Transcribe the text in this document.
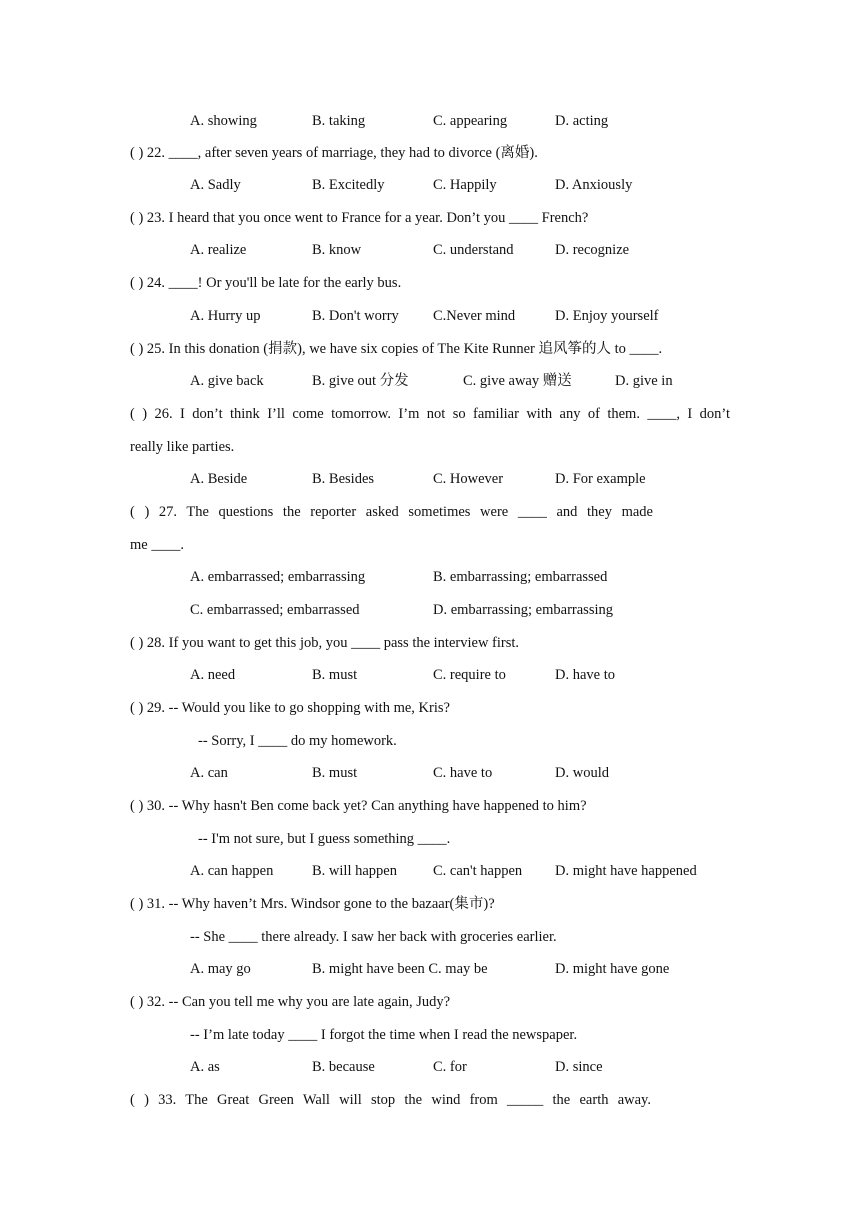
A. showing	B. taking	C. appearing	D. acting
( ) 22. ____, after seven years of marriage, they had to divorce (离婚).
A. Sadly	B. Excitedly	C. Happily	D. Anxiously
( ) 23. I heard that you once went to France for a year. Don’t you ____ French?
A. realize	B. know	C. understand	D. recognize
( ) 24. ____! Or you'll be late for the early bus.
A. Hurry up	B. Don't worry C.Never mind	D. Enjoy yourself
( ) 25. In this donation (捐款), we have six copies of The Kite Runner 追风筝的人 to ____.
A. give back	B. give out 分发	C. give away 赠送	D. give in
( ) 26. I don’t think I’ll come tomorrow. I’m not so familiar with any of them. ____, I don’t
really like parties.
A. Beside	B. Besides	C. However	D. For example
( ) 27. The questions the reporter asked sometimes were ____ and they made
me ____.
A. embarrassed; embarrassing	B. embarrassing; embarrassed
C. embarrassed; embarrassed	D. embarrassing; embarrassing
( ) 28. If you want to get this job, you ____ pass the interview first.
A. need	B. must	C. require to	D. have to
( ) 29. -- Would you like to go shopping with me, Kris?
-- Sorry, I ____ do my homework.
A. can	B. must	C. have to	D. would
( ) 30. -- Why hasn't Ben come back yet? Can anything have happened to him?
-- I'm not sure, but I guess something ____.
A. can happen	B. will happen C. can't happen D. might have happened
( ) 31. -- Why haven’t Mrs. Windsor gone to the bazaar(集市)?
-- She ____ there already. I saw her back with groceries earlier.
A. may go	B. might have been C. may be	D. might have gone
( ) 32. -- Can you tell me why you are late again, Judy?
-- I’m late today ____ I forgot the time when I read the newspaper.
A. as	B. because	C. for	D. since
( ) 33. The Great Green Wall will stop the wind from _____ the earth away.
